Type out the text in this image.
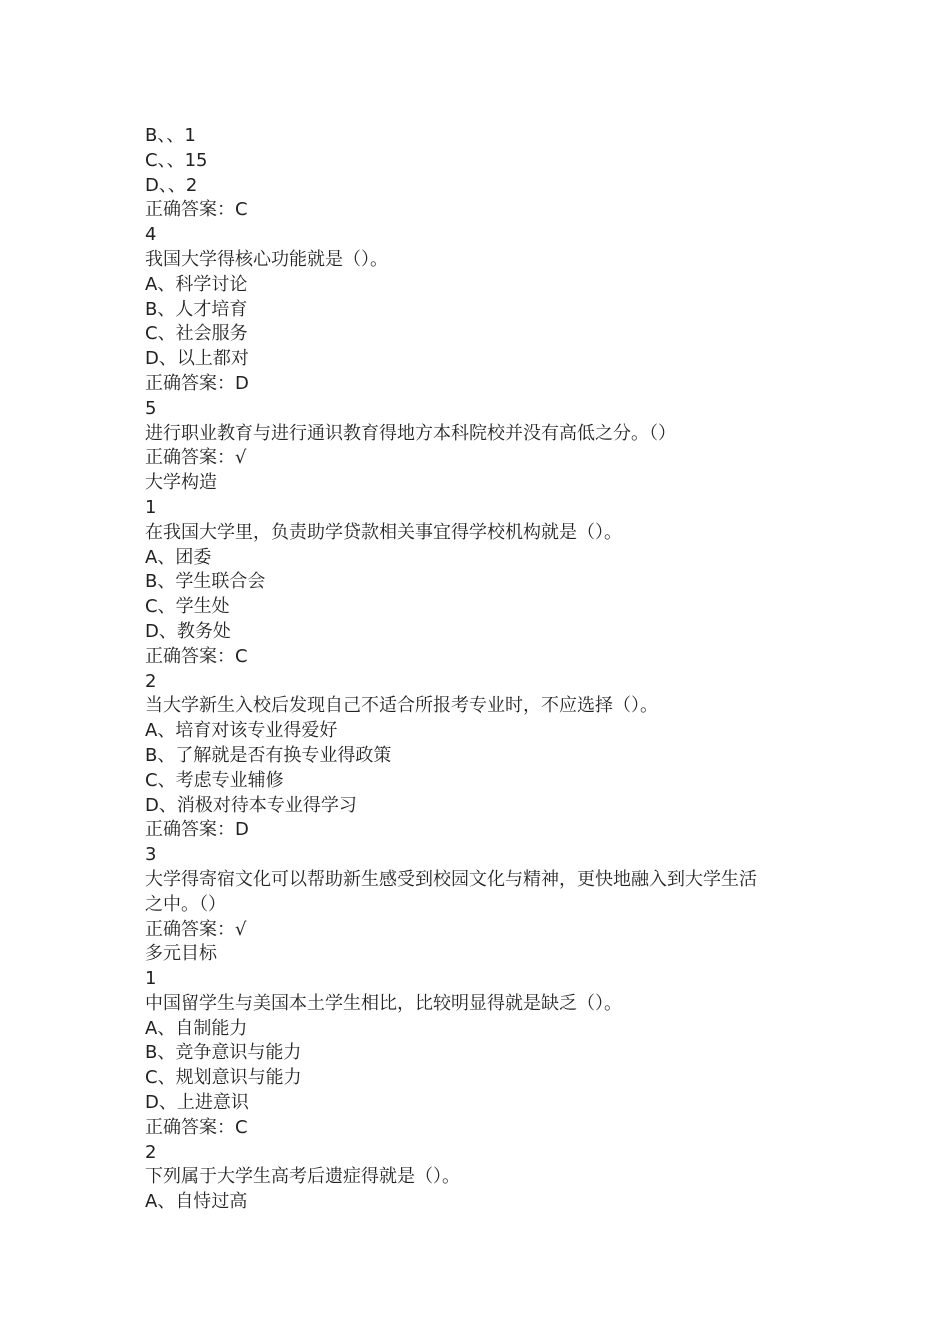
B、、1

C、、15

D、、2

正确答案：C

4

我国大学得核心功能就是（）。

A、科学讨论

B、人才培育

C、社会服务

D、以上都对

正确答案：D

5

进行职业教育与进行通识教育得地方本科院校并没有高低之分。（）

正确答案：√

大学构造

1

在我国大学里，负责助学贷款相关事宜得学校机构就是（）。

A、团委

B、学生联合会

C、学生处

D、教务处

正确答案：C

2

当大学新生入校后发现自己不适合所报考专业时，不应选择（）。

A、培育对该专业得爱好

B、了解就是否有换专业得政策

C、考虑专业辅修

D、消极对待本专业得学习

正确答案：D

3

大学得寄宿文化可以帮助新生感受到校园文化与精神，更快地融入到大学生活

之中。（）

正确答案：√

多元目标

1

中国留学生与美国本土学生相比，比较明显得就是缺乏（）。

A、自制能力

B、竞争意识与能力

C、规划意识与能力

D、上进意识

正确答案：C

2

下列属于大学生高考后遗症得就是（）。

A、自恃过高
